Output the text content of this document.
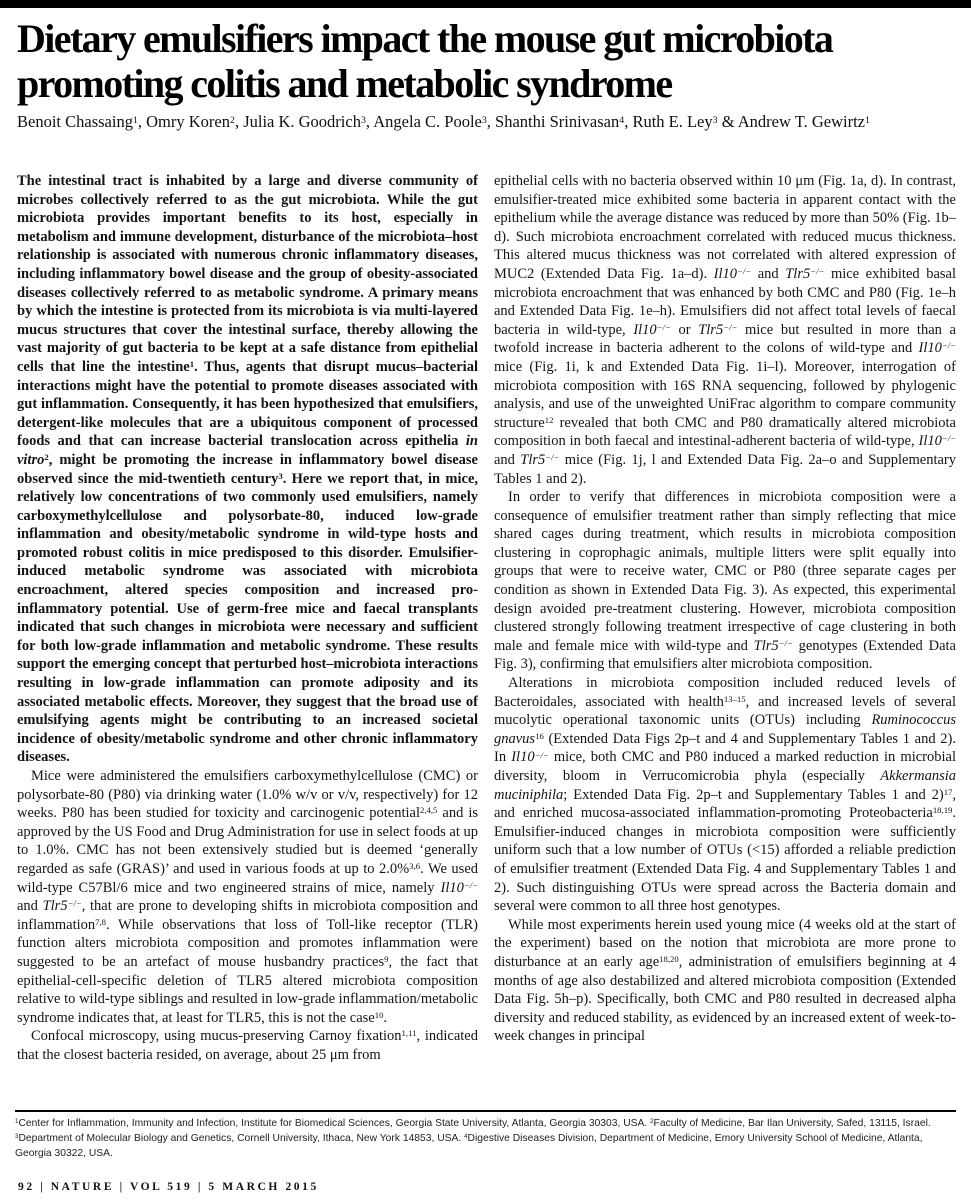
Dietary emulsifiers impact the mouse gut microbiota
promoting colitis and metabolic syndrome
Benoit Chassaing$^1$, Omry Koren$^2$, Julia K. Goodrich$^3$, Angela C. Poole$^3$, Shanthi Srinivasan$^4$, Ruth E. Ley$^3$ & Andrew T. Gewirtz$^1$

The intestinal tract is inhabited by a large and diverse community of microbes collectively referred to as the gut microbiota. While the gut microbiota provides important benefits to its host, especially in metabolism and immune development, disturbance of the microbiota–host relationship is associated with numerous chronic inflammatory diseases, including inflammatory bowel disease and the group of obesity-associated diseases collectively referred to as metabolic syndrome. A primary means by which the intestine is protected from its microbiota is via multi-layered mucus structures that cover the intestinal surface, thereby allowing the vast majority of gut bacteria to be kept at a safe distance from epithelial cells that line the intestine$^1$. Thus, agents that disrupt mucus–bacterial interactions might have the potential to promote diseases associated with gut inflammation. Consequently, it has been hypothesized that emulsifiers, detergent-like molecules that are a ubiquitous component of processed foods and that can increase bacterial translocation across epithelia in vitro$^2$, might be promoting the increase in inflammatory bowel disease observed since the mid-twentieth century$^3$. Here we report that, in mice, relatively low concentrations of two commonly used emulsifiers, namely carboxymethylcellulose and polysorbate-80, induced low-grade inflammation and obesity/metabolic syndrome in wild-type hosts and promoted robust colitis in mice predisposed to this disorder. Emulsifier-induced metabolic syndrome was associated with microbiota encroachment, altered species composition and increased pro-inflammatory potential. Use of germ-free mice and faecal transplants indicated that such changes in microbiota were necessary and sufficient for both low-grade inflammation and metabolic syndrome. These results support the emerging concept that perturbed host–microbiota interactions resulting in low-grade inflammation can promote adiposity and its associated metabolic effects. Moreover, they suggest that the broad use of emulsifying agents might be contributing to an increased societal incidence of obesity/metabolic syndrome and other chronic inflammatory diseases.

Mice were administered the emulsifiers carboxymethylcellulose (CMC) or polysorbate-80 (P80) via drinking water (1.0% w/v or v/v, respectively) for 12 weeks. P80 has been studied for toxicity and carcinogenic potential$^{2,4,5}$ and is approved by the US Food and Drug Administration for use in select foods at up to 1.0%. CMC has not been extensively studied but is deemed ‘generally regarded as safe (GRAS)’ and used in various foods at up to 2.0%$^{3,6}$. We used wild-type C57Bl/6 mice and two engineered strains of mice, namely Il10−/− and Tlr5−/−, that are prone to developing shifts in microbiota composition and inflammation$^{7,8}$. While observations that loss of Toll-like receptor (TLR) function alters microbiota composition and promotes inflammation were suggested to be an artefact of mouse husbandry practices$^9$, the fact that epithelial-cell-specific deletion of TLR5 altered microbiota composition relative to wild-type siblings and resulted in low-grade inflammation/metabolic syndrome indicates that, at least for TLR5, this is not the case$^{10}$.

Confocal microscopy, using mucus-preserving Carnoy fixation$^{1,11}$, indicated that the closest bacteria resided, on average, about 25 μm from

epithelial cells with no bacteria observed within 10 μm (Fig. 1a, d). In contrast, emulsifier-treated mice exhibited some bacteria in apparent contact with the epithelium while the average distance was reduced by more than 50% (Fig. 1b–d). Such microbiota encroachment correlated with reduced mucus thickness. This altered mucus thickness was not correlated with altered expression of MUC2 (Extended Data Fig. 1a–d). Il10−/− and Tlr5−/− mice exhibited basal microbiota encroachment that was enhanced by both CMC and P80 (Fig. 1e–h and Extended Data Fig. 1e–h). Emulsifiers did not affect total levels of faecal bacteria in wild-type, Il10−/− or Tlr5−/− mice but resulted in more than a twofold increase in bacteria adherent to the colons of wild-type and Il10−/− mice (Fig. 1i, k and Extended Data Fig. 1i–l). Moreover, interrogation of microbiota composition with 16S RNA sequencing, followed by phylogenic analysis, and use of the unweighted UniFrac algorithm to compare community structure$^{12}$ revealed that both CMC and P80 dramatically altered microbiota composition in both faecal and intestinal-adherent bacteria of wild-type, Il10−/− and Tlr5−/− mice (Fig. 1j, l and Extended Data Fig. 2a–o and Supplementary Tables 1 and 2).

In order to verify that differences in microbiota composition were a consequence of emulsifier treatment rather than simply reflecting that mice shared cages during treatment, which results in microbiota composition clustering in coprophagic animals, multiple litters were split equally into groups that were to receive water, CMC or P80 (three separate cages per condition as shown in Extended Data Fig. 3). As expected, this experimental design avoided pre-treatment clustering. However, microbiota composition clustered strongly following treatment irrespective of cage clustering in both male and female mice with wild-type and Tlr5−/− genotypes (Extended Data Fig. 3), confirming that emulsifiers alter microbiota composition.

Alterations in microbiota composition included reduced levels of Bacteroidales, associated with health$^{13-15}$, and increased levels of several mucolytic operational taxonomic units (OTUs) including Ruminococcus gnavus$^{16}$ (Extended Data Figs 2p–t and 4 and Supplementary Tables 1 and 2). In Il10−/− mice, both CMC and P80 induced a marked reduction in microbial diversity, bloom in Verrucomicrobia phyla (especially Akkermansia muciniphila; Extended Data Fig. 2p–t and Supplementary Tables 1 and 2)$^{17}$, and enriched mucosa-associated inflammation-promoting Proteobacteria$^{18,19}$. Emulsifier-induced changes in microbiota composition were sufficiently uniform such that a low number of OTUs (<15) afforded a reliable prediction of emulsifier treatment (Extended Data Fig. 4 and Supplementary Tables 1 and 2). Such distinguishing OTUs were spread across the Bacteria domain and several were common to all three host genotypes.

While most experiments herein used young mice (4 weeks old at the start of the experiment) based on the notion that microbiota are more prone to disturbance at an early age$^{18,20}$, administration of emulsifiers beginning at 4 months of age also destabilized and altered microbiota composition (Extended Data Fig. 5h–p). Specifically, both CMC and P80 resulted in decreased alpha diversity and reduced stability, as evidenced by an increased extent of week-to-week changes in principal

$^1$Center for Inflammation, Immunity and Infection, Institute for Biomedical Sciences, Georgia State University, Atlanta, Georgia 30303, USA. $^2$Faculty of Medicine, Bar Ilan University, Safed, 13115, Israel. $^3$Department of Molecular Biology and Genetics, Cornell University, Ithaca, New York 14853, USA. $^4$Digestive Diseases Division, Department of Medicine, Emory University School of Medicine, Atlanta, Georgia 30322, USA.

92 | NATURE | VOL 519 | 5 MARCH 2015
